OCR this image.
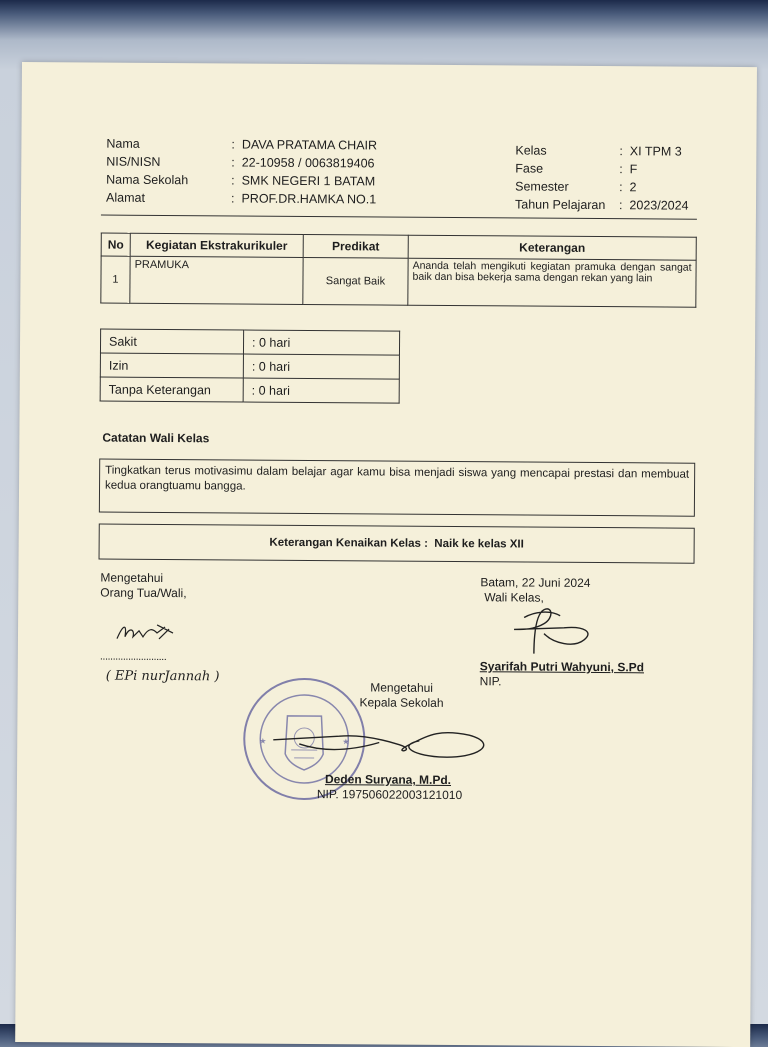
Nama	: DAVA PRATAMA CHAIR
NIS/NISN	: 22-10958 / 0063819406
Nama Sekolah	: SMK NEGERI 1 BATAM
Alamat	: PROF.DR.HAMKA NO.1
Kelas	: XI TPM 3
Fase	: F
Semester	: 2
Tahun Pelajaran : 2023/2024
No	Kegiatan Ekstrakurikuler	Predikat	Keterangan
1	PRAMUKA	Sangat Baik	Ananda telah mengikuti kegiatan pramuka dengan sangat baik dan bisa bekerja sama dengan rekan yang lain
Sakit	: 0 hari
Izin	: 0 hari
Tanpa Keterangan	: 0 hari
Catatan Wali Kelas
Tingkatkan terus motivasimu dalam belajar agar kamu bisa menjadi siswa yang mencapai prestasi dan membuat kedua orangtuamu bangga.
Keterangan Kenaikan Kelas :
Naik ke kelas XII
Mengetahui
Orang Tua/Wali,
..........................
( EPi nurJannah )
Batam, 22 Juni 2024
Wali Kelas,
Syarifah Putri Wahyuni, S.Pd
NIP.
★	★
Mengetahui
Kepala Sekolah
Deden Suryana, M.Pd.
NIP. 197506022003121010
